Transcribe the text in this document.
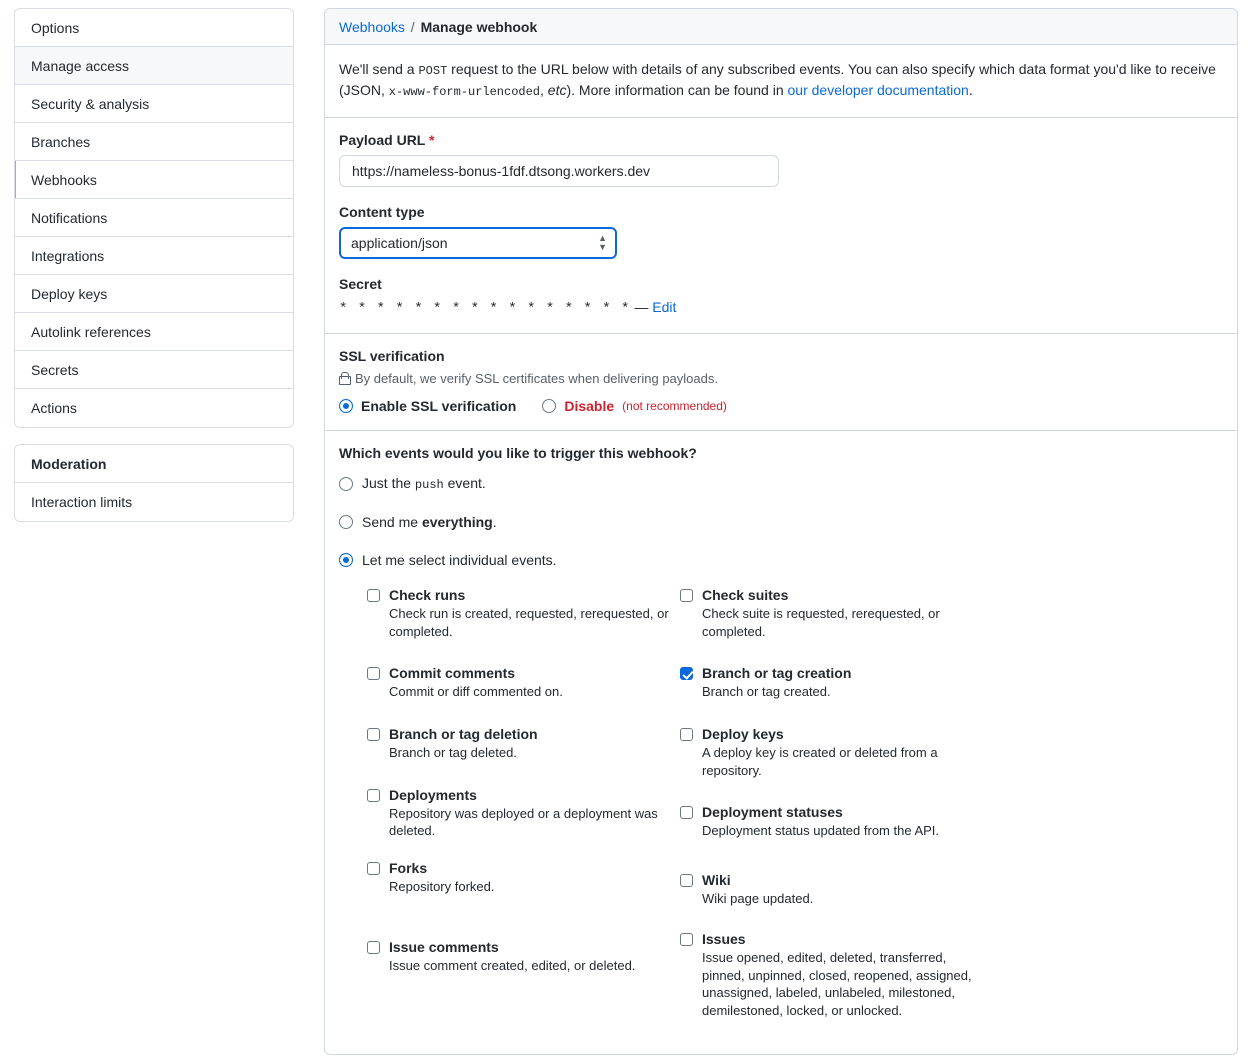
Options
Manage access
Security & analysis
Branches
Webhooks
Notifications
Integrations
Deploy keys
Autolink references
Secrets
Actions
Moderation
Interaction limits
Webhooks / Manage webhook
We'll send a POST request to the URL below with details of any subscribed events. You can also specify which data format you'd like to receive (JSON, x-www-form-urlencoded, etc). More information can be found in our developer documentation.
Payload URL *
https://nameless-bonus-1fdf.dtsong.workers.dev
Content type
application/json
▲
▼
Secret
* * * * * * * * * * * * * * * * — Edit
SSL verification
By default, we verify SSL certificates when delivering payloads.
Enable SSL verification	Disable (not recommended)
Which events would you like to trigger this webhook?
Just the push event.
Send me everything.
Let me select individual events.
Check runs
Check run is created, requested, rerequested, or completed.
Commit comments
Commit or diff commented on.
Branch or tag deletion
Branch or tag deleted.
Deployments
Repository was deployed or a deployment was deleted.
Forks
Repository forked.
Issue comments
Issue comment created, edited, or deleted.
Check suites
Check suite is requested, rerequested, or completed.
Branch or tag creation
Branch or tag created.
Deploy keys
A deploy key is created or deleted from a repository.
Deployment statuses
Deployment status updated from the API.
Wiki
Wiki page updated.
Issues
Issue opened, edited, deleted, transferred, pinned, unpinned, closed, reopened, assigned, unassigned, labeled, unlabeled, milestoned, demilestoned, locked, or unlocked.
